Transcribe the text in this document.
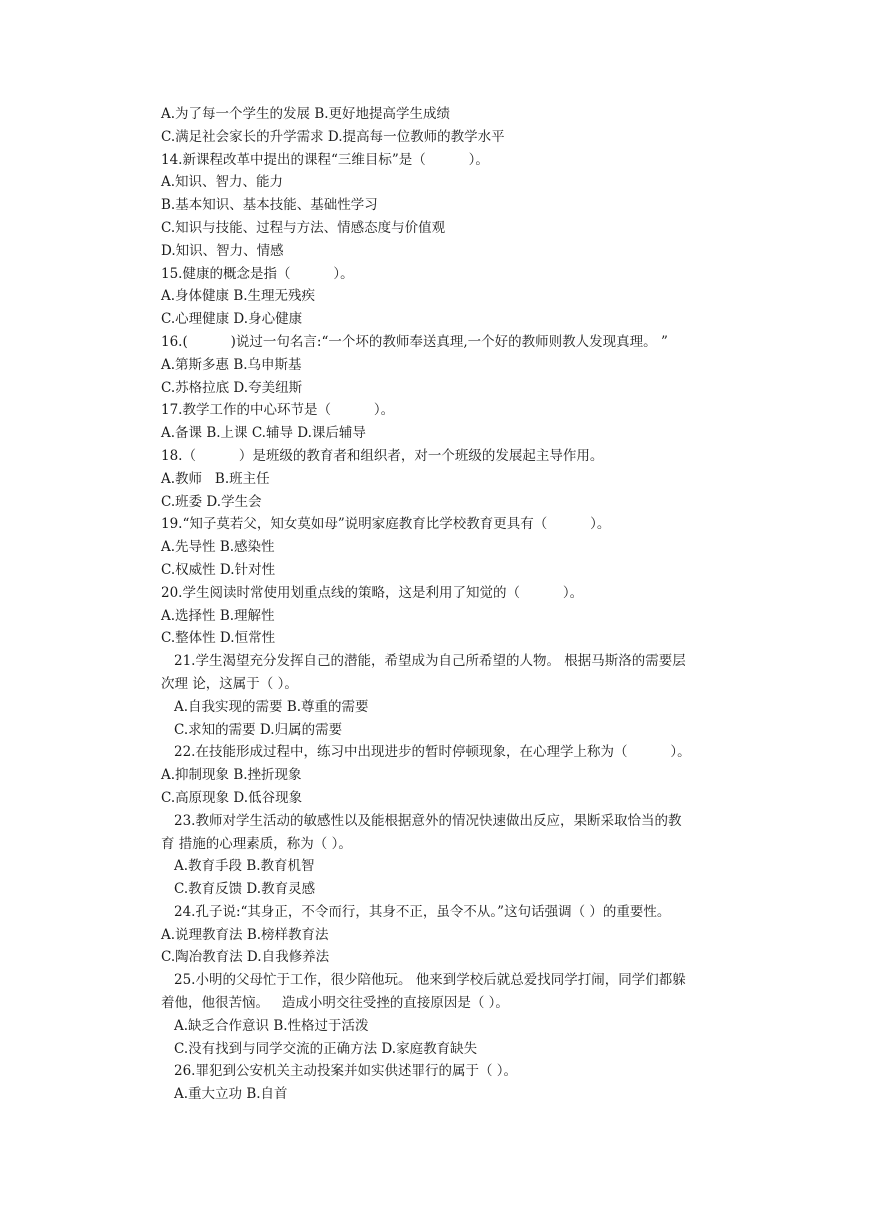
A.为了每一个学生的发展 B.更好地提高学生成绩
C.满足社会家长的升学需求 D.提高每一位教师的教学水平
14.新课程改革中提出的课程“三维目标”是（          ）。
A.知识、智力、能力
B.基本知识、基本技能、基础性学习
C.知识与技能、过程与方法、情感态度与价值观
D.知识、智力、情感
15.健康的概念是指（          ）。
A.身体健康 B.生理无残疾
C.心理健康 D.身心健康
16.(          )说过一句名言:“一个坏的教师奉送真理,一个好的教师则教人发现真理。 ”
A.第斯多惠 B.乌申斯基
C.苏格拉底 D.夸美纽斯
17.教学工作的中心环节是（          ）。
A.备课 B.上课 C.辅导 D.课后辅导
18.（          ）是班级的教育者和组织者，对一个班级的发展起主导作用。
A.教师   B.班主任
C.班委 D.学生会
19.“知子莫若父，知女莫如母”说明家庭教育比学校教育更具有（          ）。
A.先导性 B.感染性
C.权威性 D.针对性
20.学生阅读时常使用划重点线的策略，这是利用了知觉的（          ）。
A.选择性 B.理解性
C.整体性 D.恒常性
21.学生渴望充分发挥自己的潜能，希望成为自己所希望的人物。 根据马斯洛的需要层
次理 论，这属于（ ）。
A.自我实现的需要 B.尊重的需要
C.求知的需要 D.归属的需要
22.在技能形成过程中，练习中出现进步的暂时停顿现象，在心理学上称为（          ）。
A.抑制现象 B.挫折现象
C.高原现象 D.低谷现象
23.教师对学生活动的敏感性以及能根据意外的情况快速做出反应，果断采取恰当的教
育 措施的心理素质，称为（ ）。
A.教育手段 B.教育机智
C.教育反馈 D.教育灵感
24.孔子说:“其身正，不令而行，其身不正，虽令不从。”这句话强调（ ）的重要性。
A.说理教育法 B.榜样教育法
C.陶冶教育法 D.自我修养法
25.小明的父母忙于工作，很少陪他玩。 他来到学校后就总爱找同学打闹，同学们都躲
着他，他很苦恼。   造成小明交往受挫的直接原因是（ ）。
A.缺乏合作意识 B.性格过于活泼
C.没有找到与同学交流的正确方法 D.家庭教育缺失
26.罪犯到公安机关主动投案并如实供述罪行的属于（ ）。
A.重大立功 B.自首
